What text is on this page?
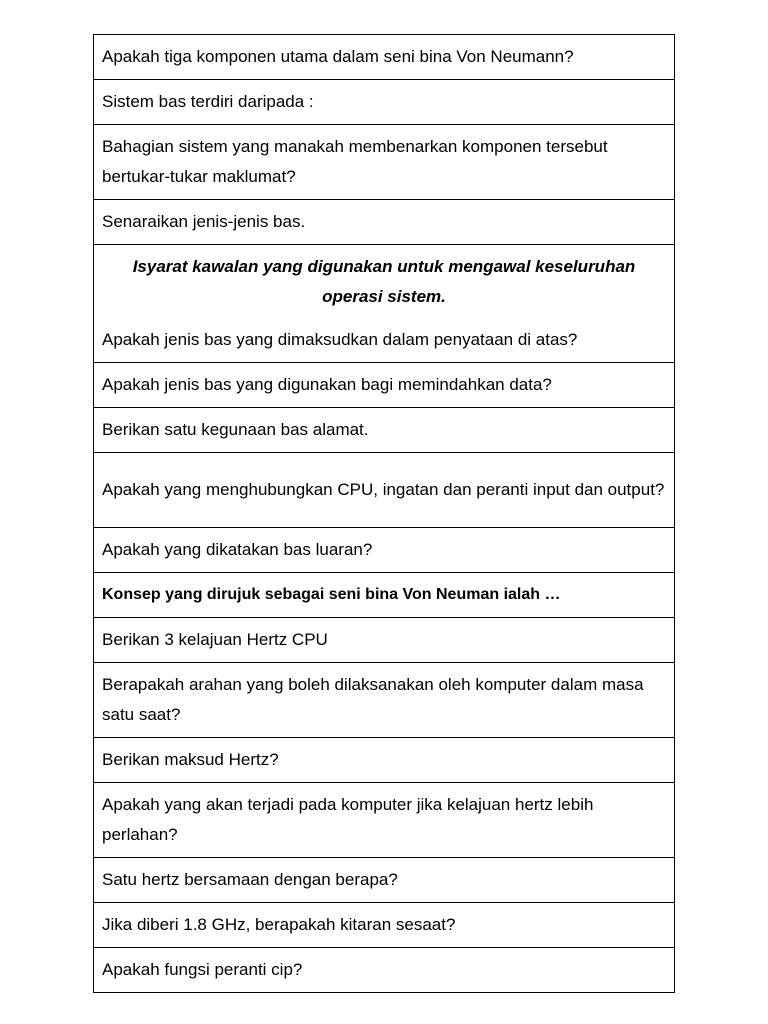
Apakah tiga komponen utama dalam seni bina Von Neumann?

Sistem bas terdiri daripada :

Bahagian sistem yang manakah membenarkan komponen tersebut bertukar-tukar maklumat?

Senaraikan jenis-jenis bas.

Isyarat kawalan yang digunakan untuk mengawal keseluruhan operasi sistem.
Apakah jenis bas yang dimaksudkan dalam penyataan di atas?

Apakah jenis bas yang digunakan bagi memindahkan data?

Berikan satu kegunaan bas alamat.

Apakah yang menghubungkan CPU, ingatan dan peranti input dan output?

Apakah yang dikatakan bas luaran?

Konsep yang dirujuk sebagai seni bina Von Neuman ialah …

Berikan 3 kelajuan Hertz CPU

Berapakah arahan yang boleh dilaksanakan oleh komputer dalam masa satu saat?

Berikan maksud Hertz?

Apakah yang akan terjadi pada komputer jika kelajuan hertz lebih perlahan?

Satu hertz bersamaan dengan berapa?

Jika diberi 1.8 GHz, berapakah kitaran sesaat?

Apakah fungsi peranti cip?
